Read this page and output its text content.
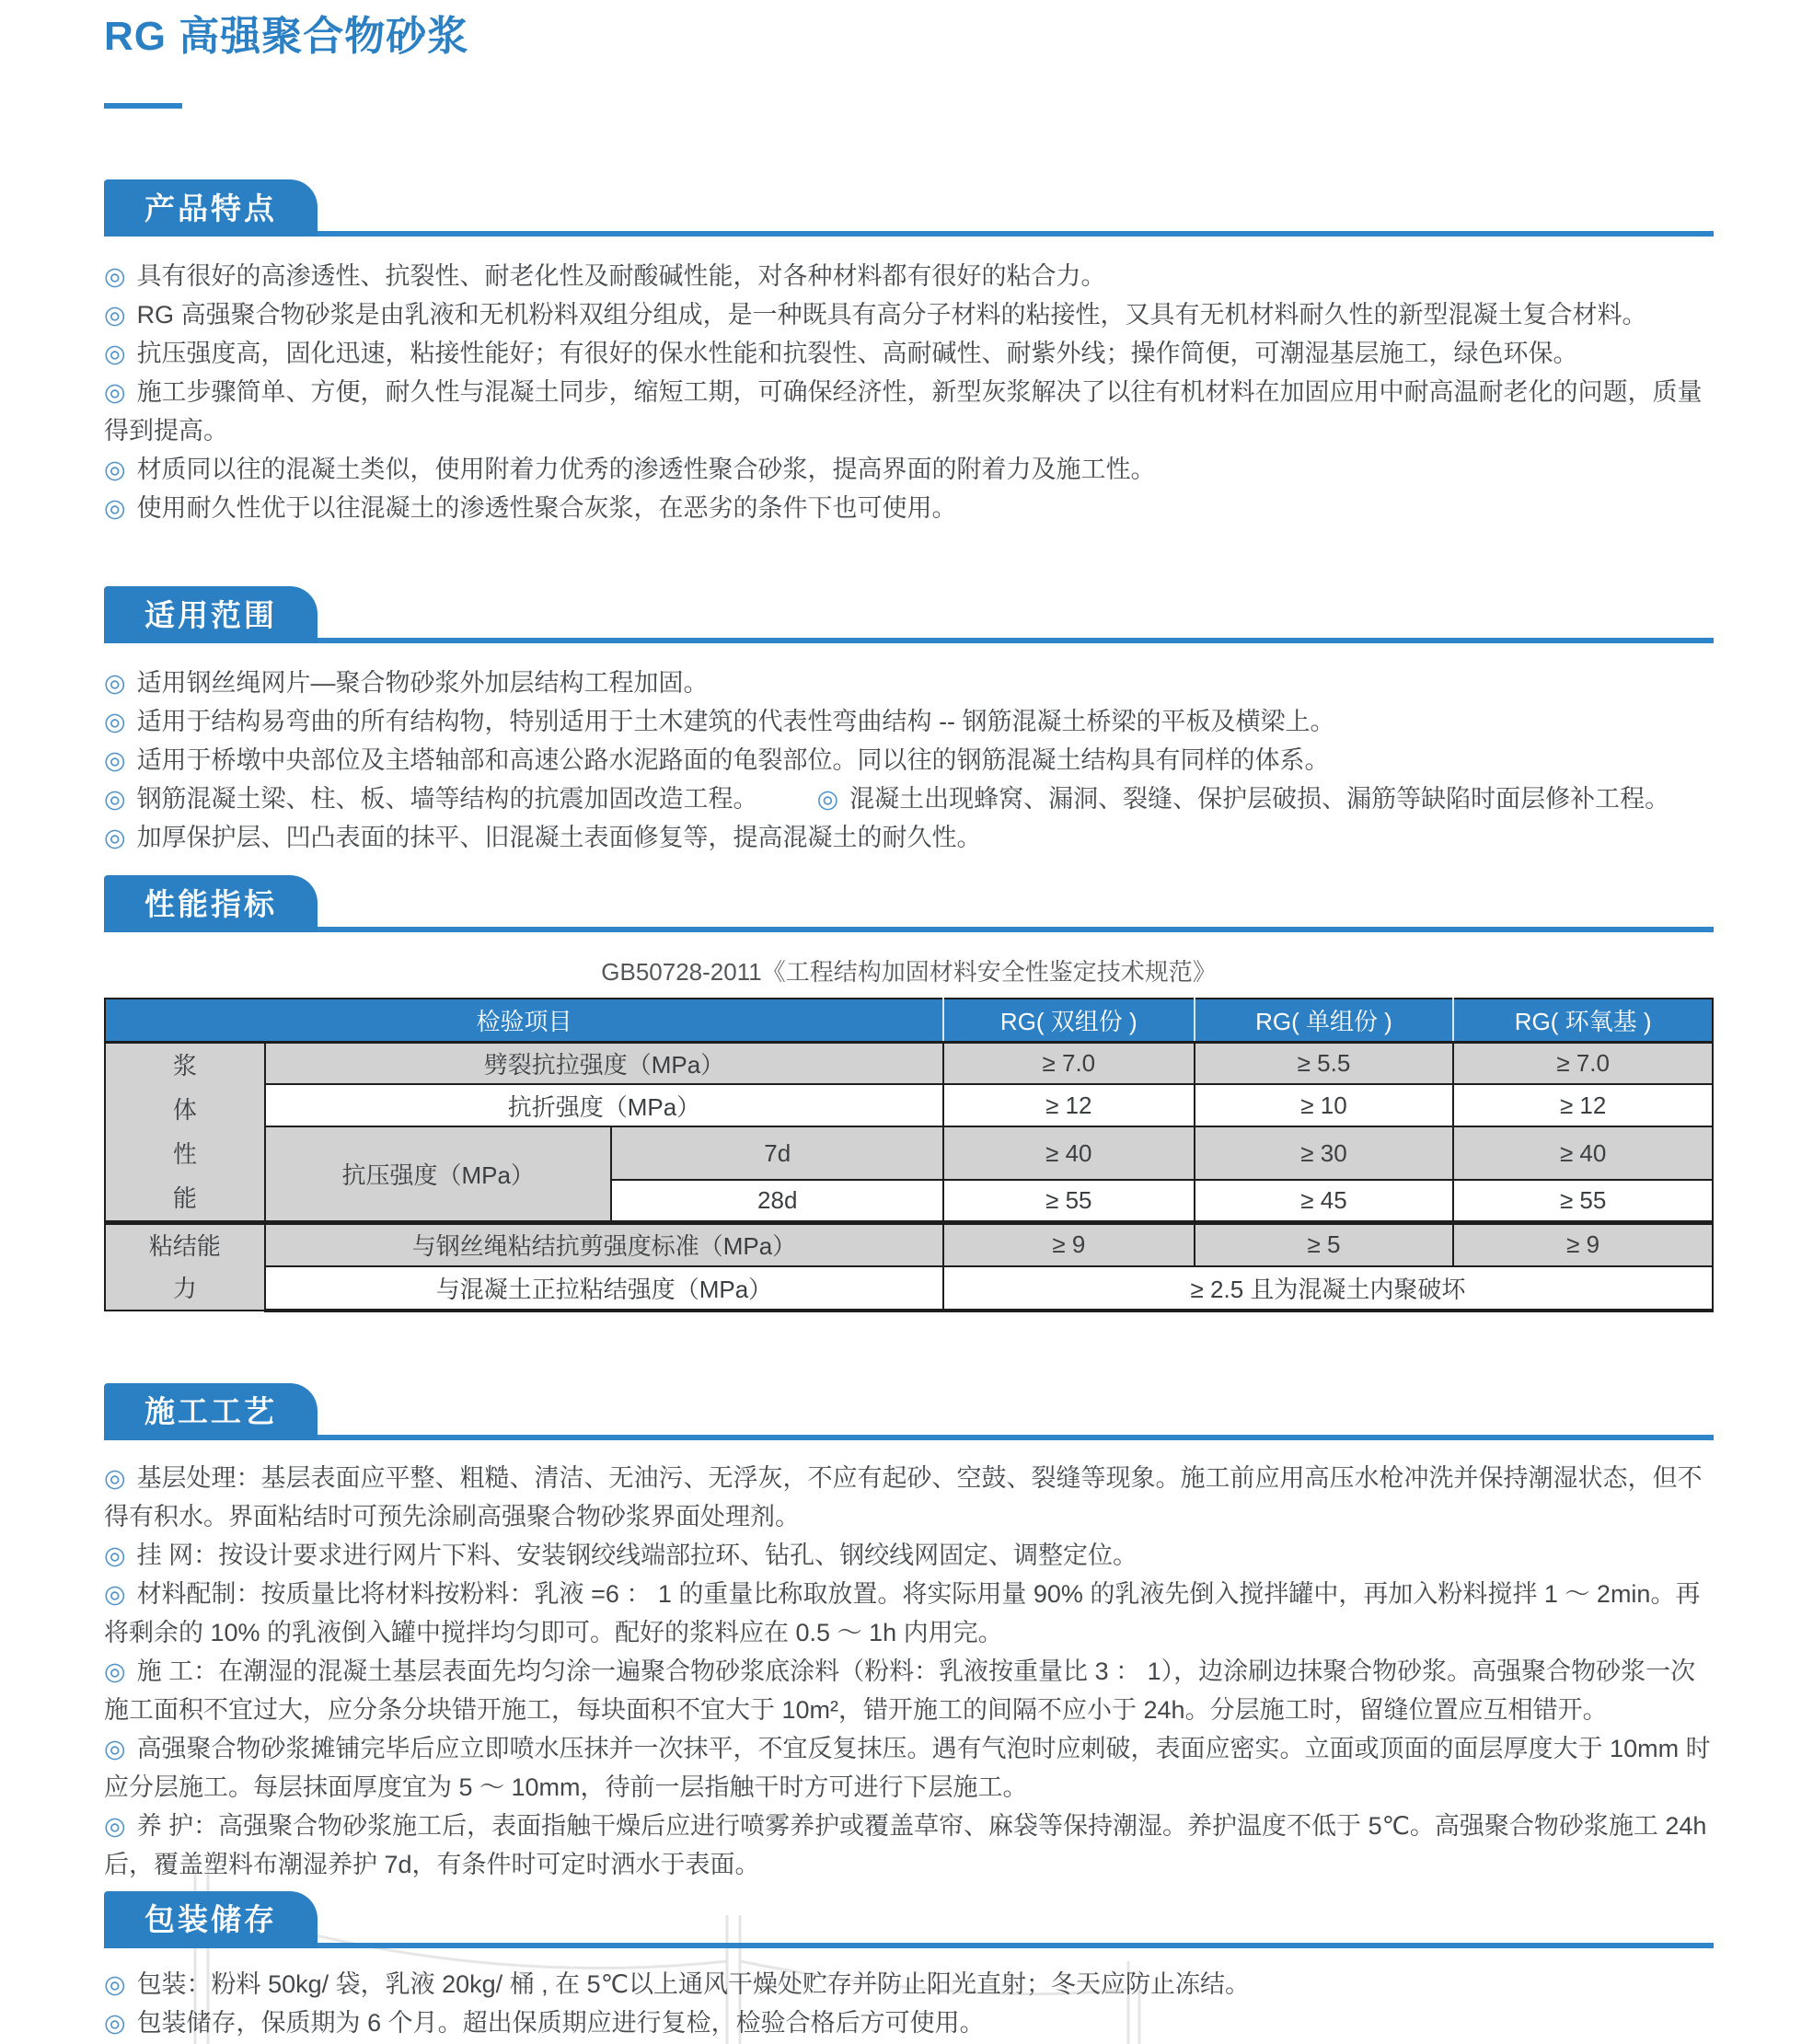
RG 高强聚合物砂浆
产品特点

◎ 具有很好的高渗透性、抗裂性、耐老化性及耐酸碱性能，对各种材料都有很好的粘合力。

◎ RG 高强聚合物砂浆是由乳液和无机粉料双组分组成，是一种既具有高分子材料的粘接性，又具有无机材料耐久性的新型混凝土复合材料。

◎ 抗压强度高，固化迅速，粘接性能好；有很好的保水性能和抗裂性、高耐碱性、耐紫外线；操作简便，可潮湿基层施工，绿色环保。

◎ 施工步骤简单、方便，耐久性与混凝土同步，缩短工期，可确保经济性，新型灰浆解决了以往有机材料在加固应用中耐高温耐老化的问题，质量得到提高。

◎ 材质同以往的混凝土类似，使用附着力优秀的渗透性聚合砂浆，提高界面的附着力及施工性。

◎ 使用耐久性优于以往混凝土的渗透性聚合灰浆，在恶劣的条件下也可使用。

适用范围

◎ 适用钢丝绳网片—聚合物砂浆外加层结构工程加固。

◎ 适用于结构易弯曲的所有结构物，特别适用于土木建筑的代表性弯曲结构 -- 钢筋混凝土桥梁的平板及横梁上。

◎ 适用于桥墩中央部位及主塔轴部和高速公路水泥路面的龟裂部位。同以往的钢筋混凝土结构具有同样的体系。

◎ 钢筋混凝土梁、柱、板、墙等结构的抗震加固改造工程。 ◎ 混凝土出现蜂窝、漏洞、裂缝、保护层破损、漏筋等缺陷时面层修补工程。

◎ 加厚保护层、凹凸表面的抹平、旧混凝土表面修复等，提高混凝土的耐久性。

性能指标
GB50728-2011《工程结构加固材料安全性鉴定技术规范》
检验项目			RG( 双组份 )	RG( 单组份 )	RG( 环氧基 )

浆体性能	劈裂抗拉强度（MPa）		≥ 7.0	≥ 5.5	≥ 7.0
	抗折强度（MPa）		≥ 12	≥ 10	≥ 12
	抗压强度（MPa）	7d	≥ 40	≥ 30	≥ 40
		28d	≥ 55	≥ 45	≥ 55

粘结能力	与钢丝绳粘结抗剪强度标准（MPa）		≥ 9	≥ 5	≥ 9
	与混凝土正拉粘结强度（MPa）		≥ 2.5 且为混凝土内聚破坏		
施工工艺

◎ 基层处理：基层表面应平整、粗糙、清洁、无油污、无浮灰，不应有起砂、空鼓、裂缝等现象。施工前应用高压水枪冲洗并保持潮湿状态，但不得有积水。界面粘结时可预先涂刷高强聚合物砂浆界面处理剂。

◎ 挂 网：按设计要求进行网片下料、安装钢绞线端部拉环、钻孔、钢绞线网固定、调整定位。

◎ 材料配制：按质量比将材料按粉料：乳液 =6 ： 1 的重量比称取放置。将实际用量 90% 的乳液先倒入搅拌罐中，再加入粉料搅拌 1 ～ 2min。再将剩余的 10% 的乳液倒入罐中搅拌均匀即可。配好的浆料应在 0.5 ～ 1h 内用完。

◎ 施 工：在潮湿的混凝土基层表面先均匀涂一遍聚合物砂浆底涂料（粉料：乳液按重量比 3 ： 1），边涂刷边抹聚合物砂浆。高强聚合物砂浆一次施工面积不宜过大，应分条分块错开施工，每块面积不宜大于 10m²，错开施工的间隔不应小于 24h。分层施工时，留缝位置应互相错开。

◎ 高强聚合物砂浆摊铺完毕后应立即喷水压抹并一次抹平，不宜反复抹压。遇有气泡时应刺破，表面应密实。立面或顶面的面层厚度大于 10mm 时应分层施工。每层抹面厚度宜为 5 ～ 10mm，待前一层指触干时方可进行下层施工。

◎ 养 护：高强聚合物砂浆施工后，表面指触干燥后应进行喷雾养护或覆盖草帘、麻袋等保持潮湿。养护温度不低于 5℃。高强聚合物砂浆施工 24h 后，覆盖塑料布潮湿养护 7d，有条件时可定时洒水于表面。

包装储存

◎ 包装：粉料 50kg/ 袋，乳液 20kg/ 桶 , 在 5℃以上通风干燥处贮存并防止阳光直射；冬天应防止冻结。

◎ 包装储存，保质期为 6 个月。超出保质期应进行复检，检验合格后方可使用。
